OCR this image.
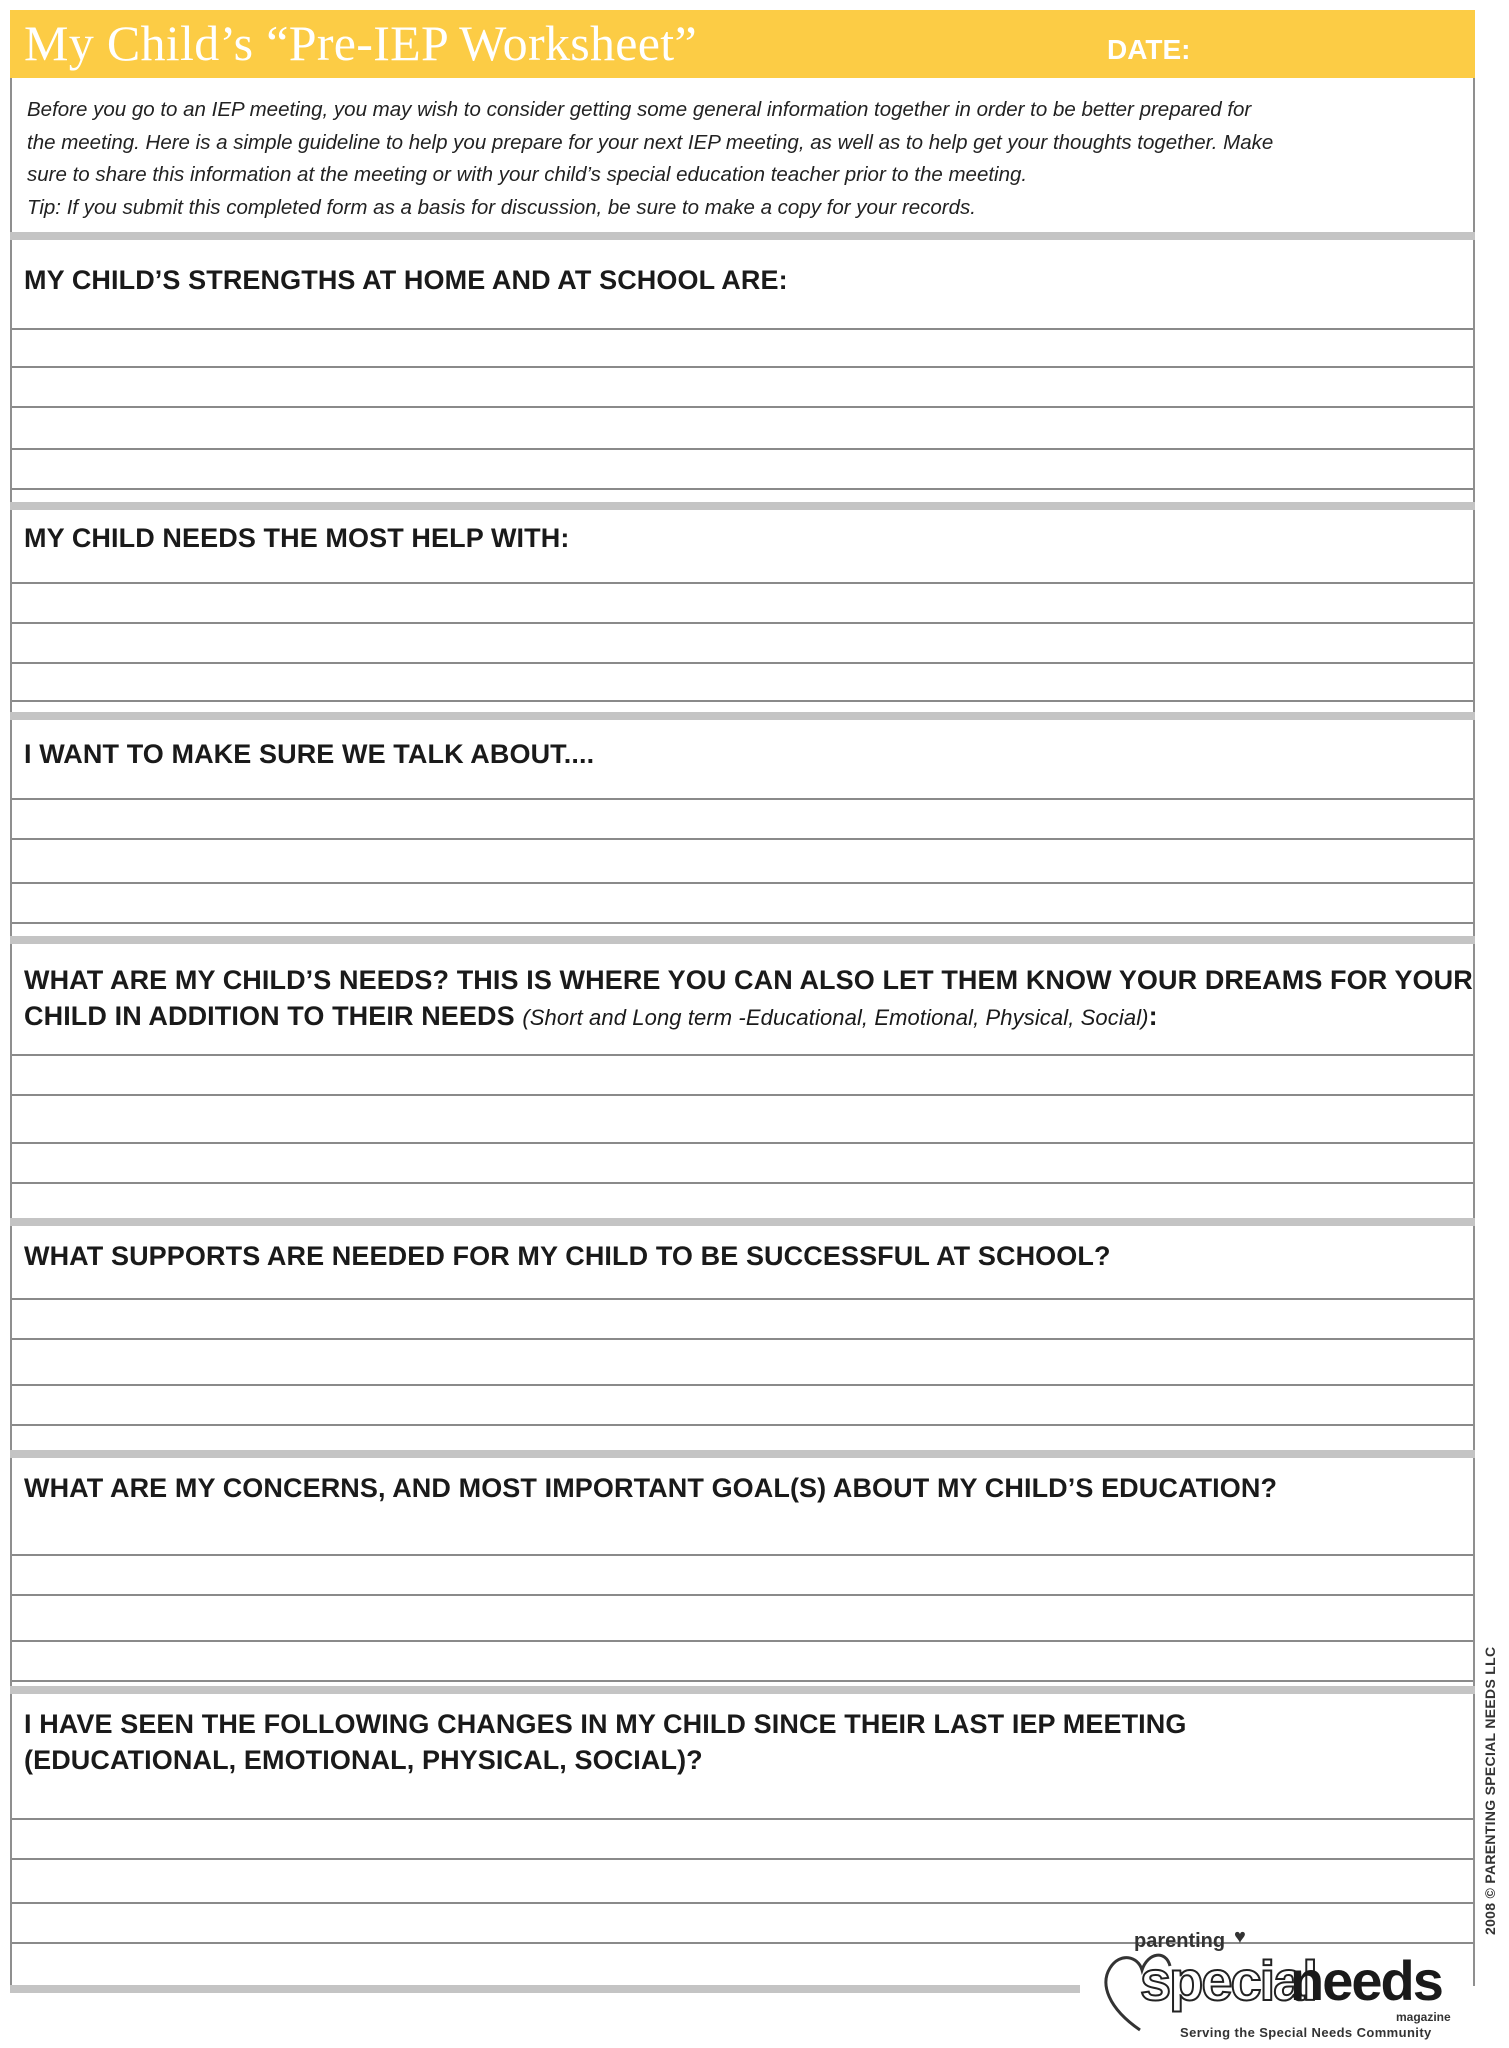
My Child’s “Pre-IEP Worksheet”	DATE:

Before you go to an IEP meeting, you may wish to consider getting some general information together in order to be better prepared for
the meeting. Here is a simple guideline to help you prepare for your next IEP meeting, as well as to help get your thoughts together. Make
sure to share this information at the meeting or with your child’s special education teacher prior to the meeting.
Tip: If you submit this completed form as a basis for discussion, be sure to make a copy for your records.

MY CHILD’S STRENGTHS AT HOME AND AT SCHOOL ARE:
MY CHILD NEEDS THE MOST HELP WITH:
I WANT TO MAKE SURE WE TALK ABOUT....
WHAT ARE MY CHILD’S NEEDS? THIS IS WHERE YOU CAN ALSO LET THEM KNOW YOUR DREAMS FOR YOUR
CHILD IN ADDITION TO THEIR NEEDS (Short and Long term -Educational, Emotional, Physical, Social):
WHAT SUPPORTS ARE NEEDED FOR MY CHILD TO BE SUCCESSFUL AT SCHOOL?
WHAT ARE MY CONCERNS, AND MOST IMPORTANT GOAL(S) ABOUT MY CHILD’S EDUCATION?
I HAVE SEEN THE FOLLOWING CHANGES IN MY CHILD SINCE THEIR LAST IEP MEETING
(EDUCATIONAL, EMOTIONAL, PHYSICAL, SOCIAL)?	2008 © PARENTING SPECIAL NEEDS LLC
parenting ♥
special
needs
magazine
Serving the Special Needs Community
